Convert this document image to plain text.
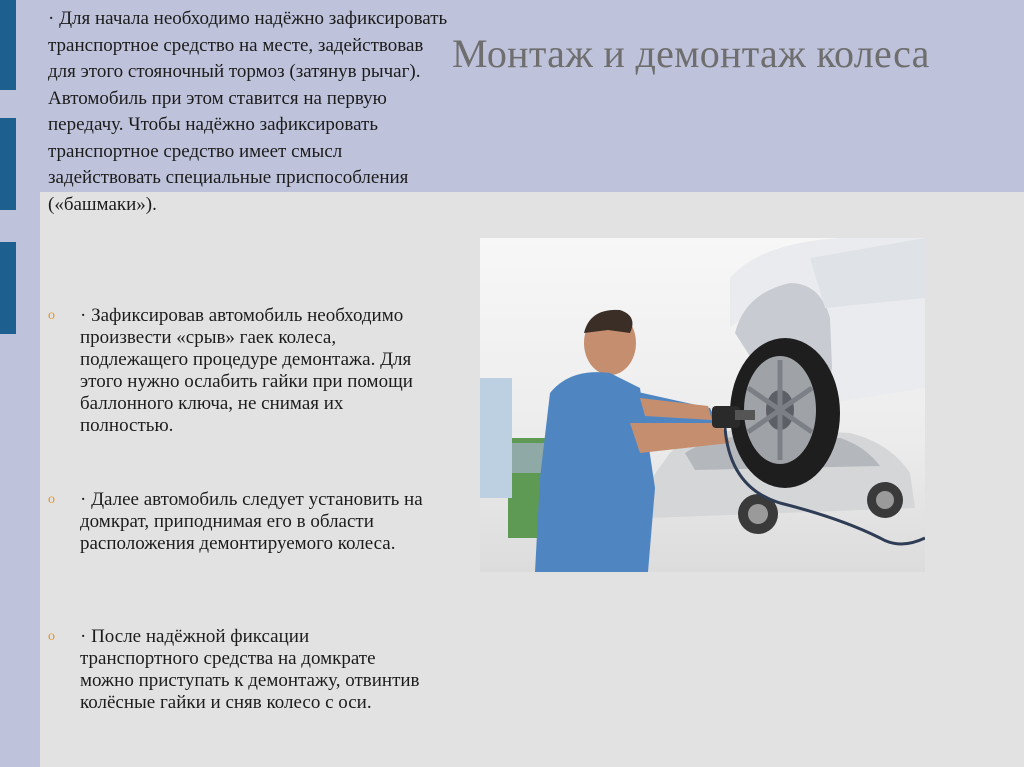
Монтаж и демонтаж колеса

· Для начала необходимо надёжно зафиксировать транспортное средство на месте, задействовав для этого стояночный тормоз (затянув рычаг). Автомобиль при этом ставится на первую передачу. Чтобы надёжно зафиксировать транспортное средство имеет смысл задействовать специальные приспособления («башмаки»).

o	· Зафиксировав автомобиль необходимо произвести «срыв» гаек колеса, подлежащего процедуре демонтажа. Для этого нужно ослабить гайки при помощи баллонного ключа, не снимая их полностью.

o	· Далее автомобиль следует установить на домкрат, приподнимая его в области расположения демонтируемого колеса.

o	· После надёжной фиксации транспортного средства на домкрате можно приступать к демонтажу, отвинтив колёсные гайки и сняв колесо с оси.
